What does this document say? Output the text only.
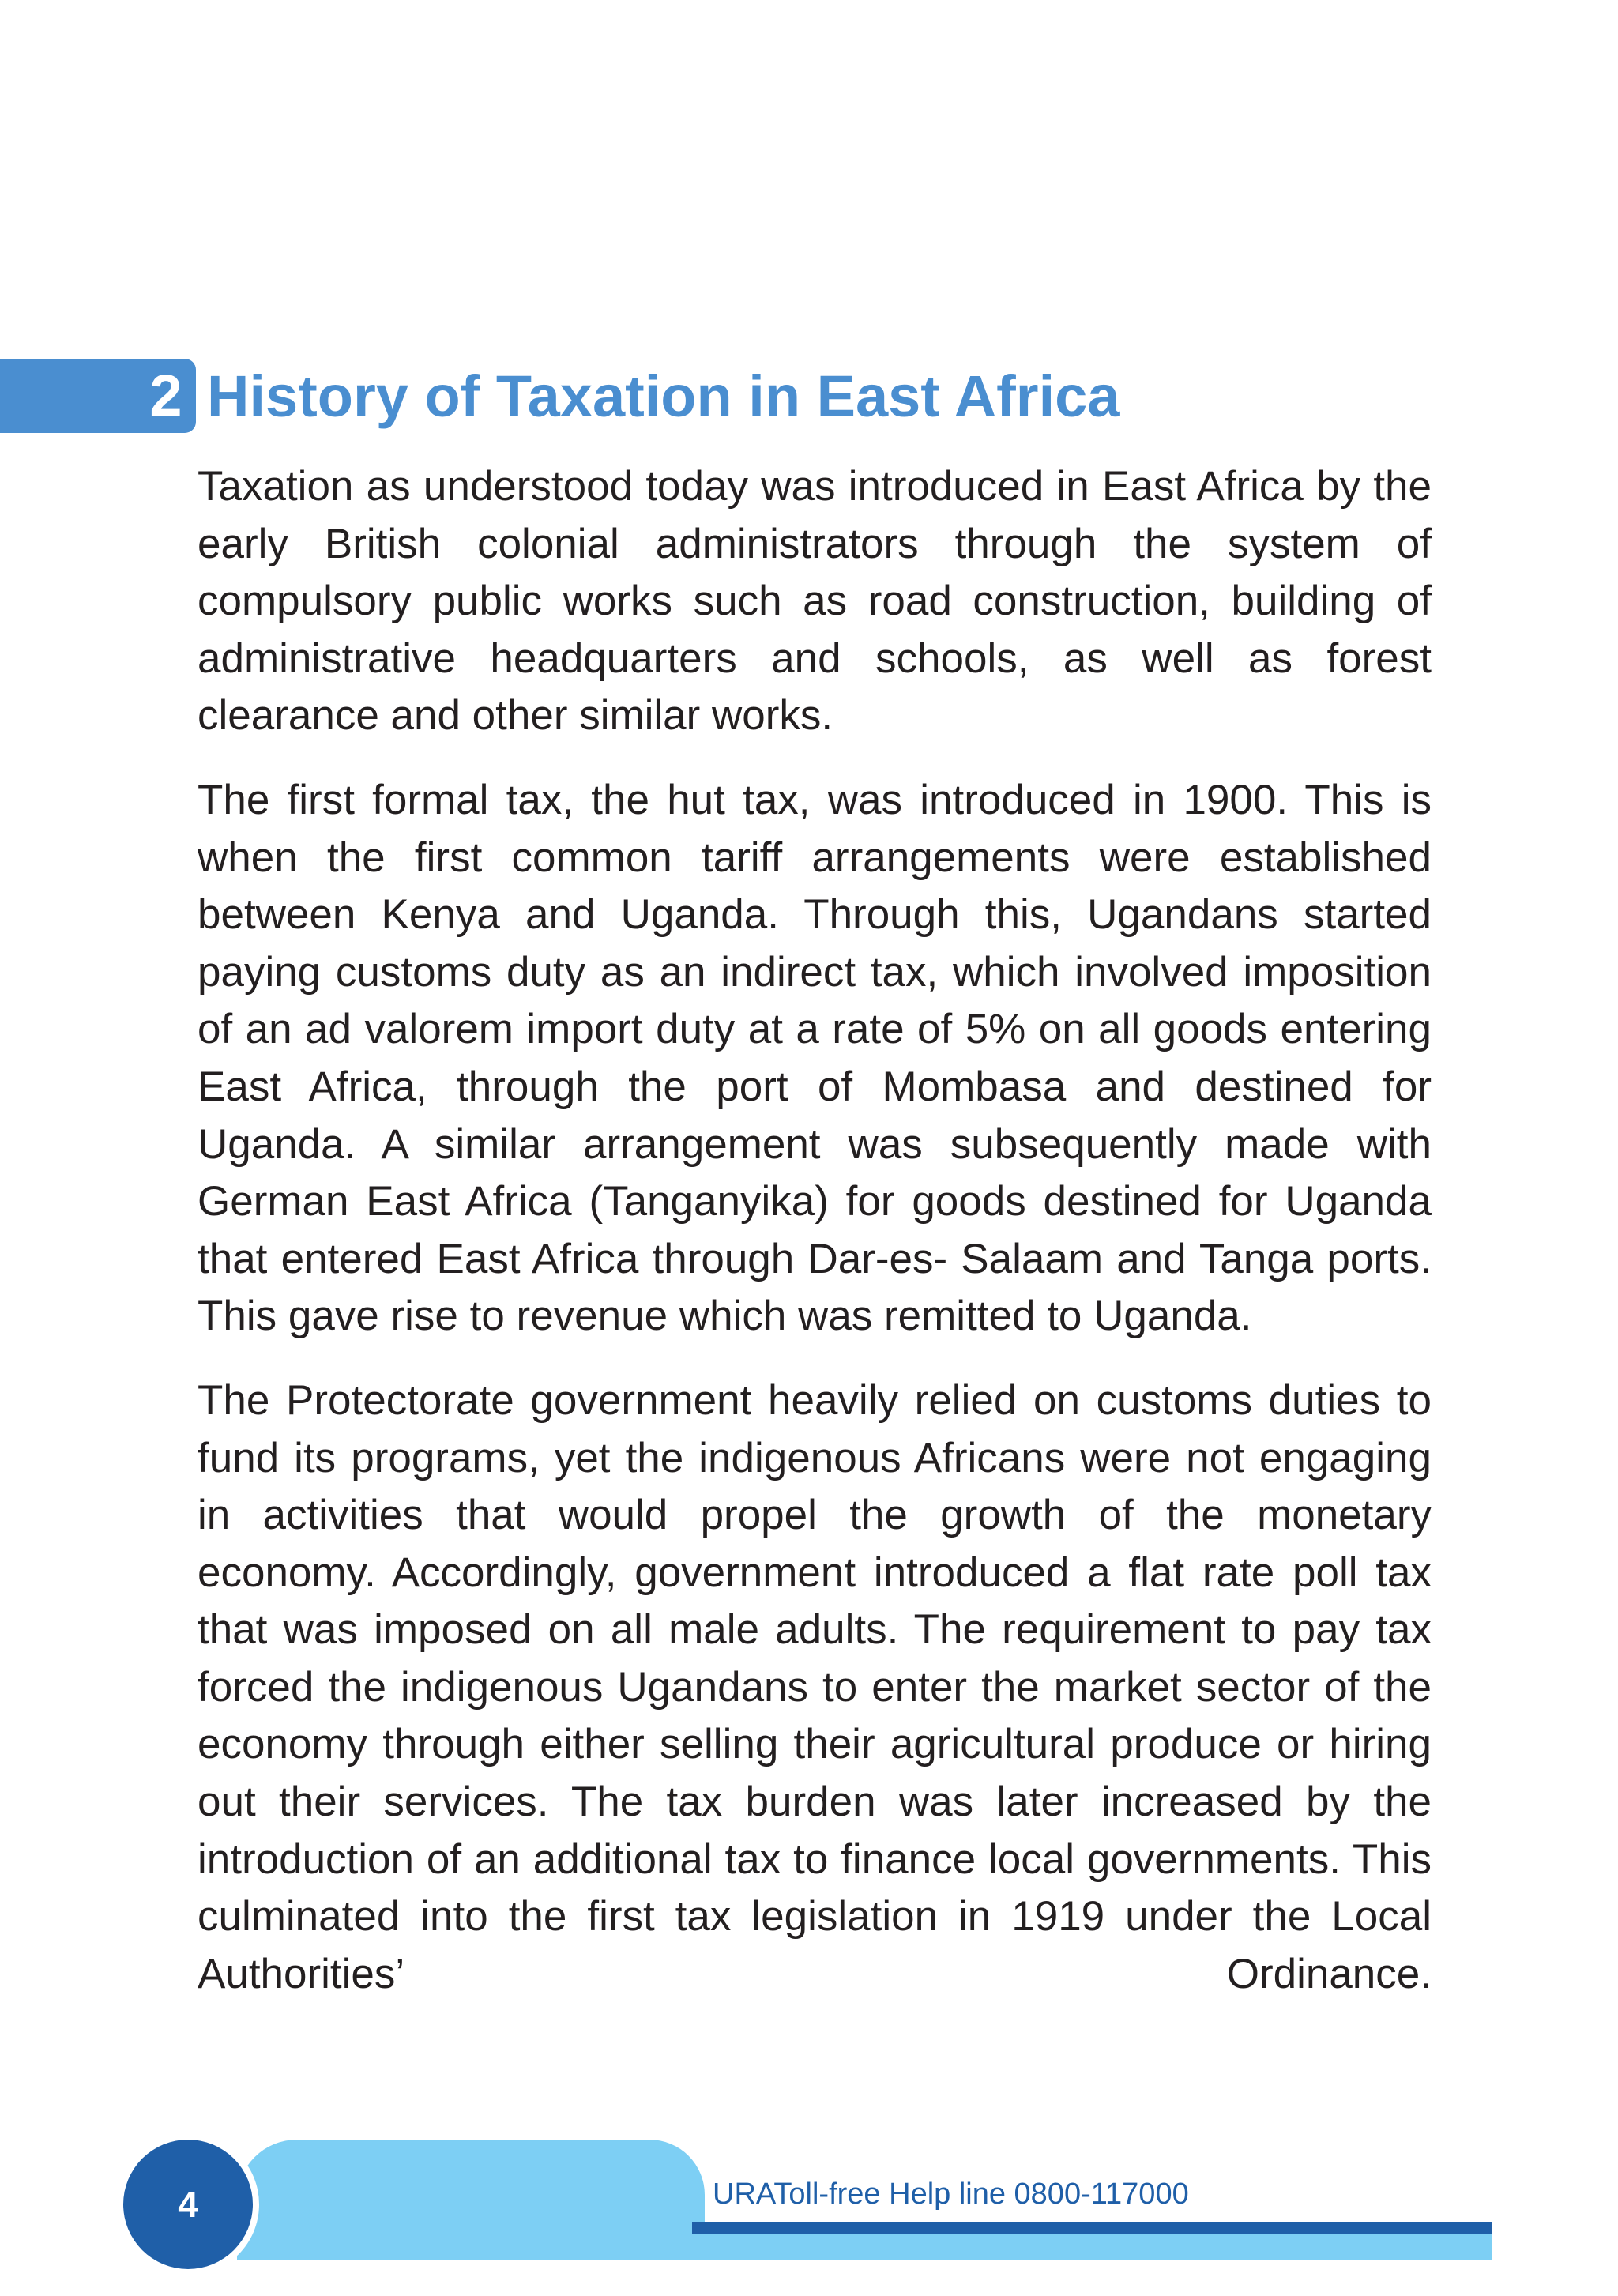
2 History of Taxation in East Africa

Taxation as understood today was introduced in East Africa by the early British colonial administrators through the system of compulsory public works such as road construction, building of administrative headquarters and schools, as well as forest clearance and other similar works.

The first formal tax, the hut tax, was introduced in 1900. This is when the first common tariff arrangements were established between Kenya and Uganda. Through this, Ugandans started paying customs duty as an indirect tax, which involved imposition of an ad valorem import duty at a rate of 5% on all goods entering East Africa, through the port of Mombasa and destined for Uganda. A similar arrangement was subsequently made with German East Africa (Tanganyika) for goods destined for Uganda that entered East Africa through Dar-es- Salaam and Tanga ports. This gave rise to revenue which was remitted to Uganda.

The Protectorate government heavily relied on customs duties to fund its programs, yet the indigenous Africans were not engaging in activities that would propel the growth of the monetary economy. Accordingly, government introduced a flat rate poll tax that was imposed on all male adults. The requirement to pay tax forced the indigenous Ugandans to enter the market sector of the economy through either selling their agricultural produce or hiring out their services. The tax burden was later increased by the introduction of an additional tax to finance local governments. This culminated into the first tax legislation in 1919 under the Local Authorities’ Ordinance.

4	URAToll-free Help line 0800-117000
